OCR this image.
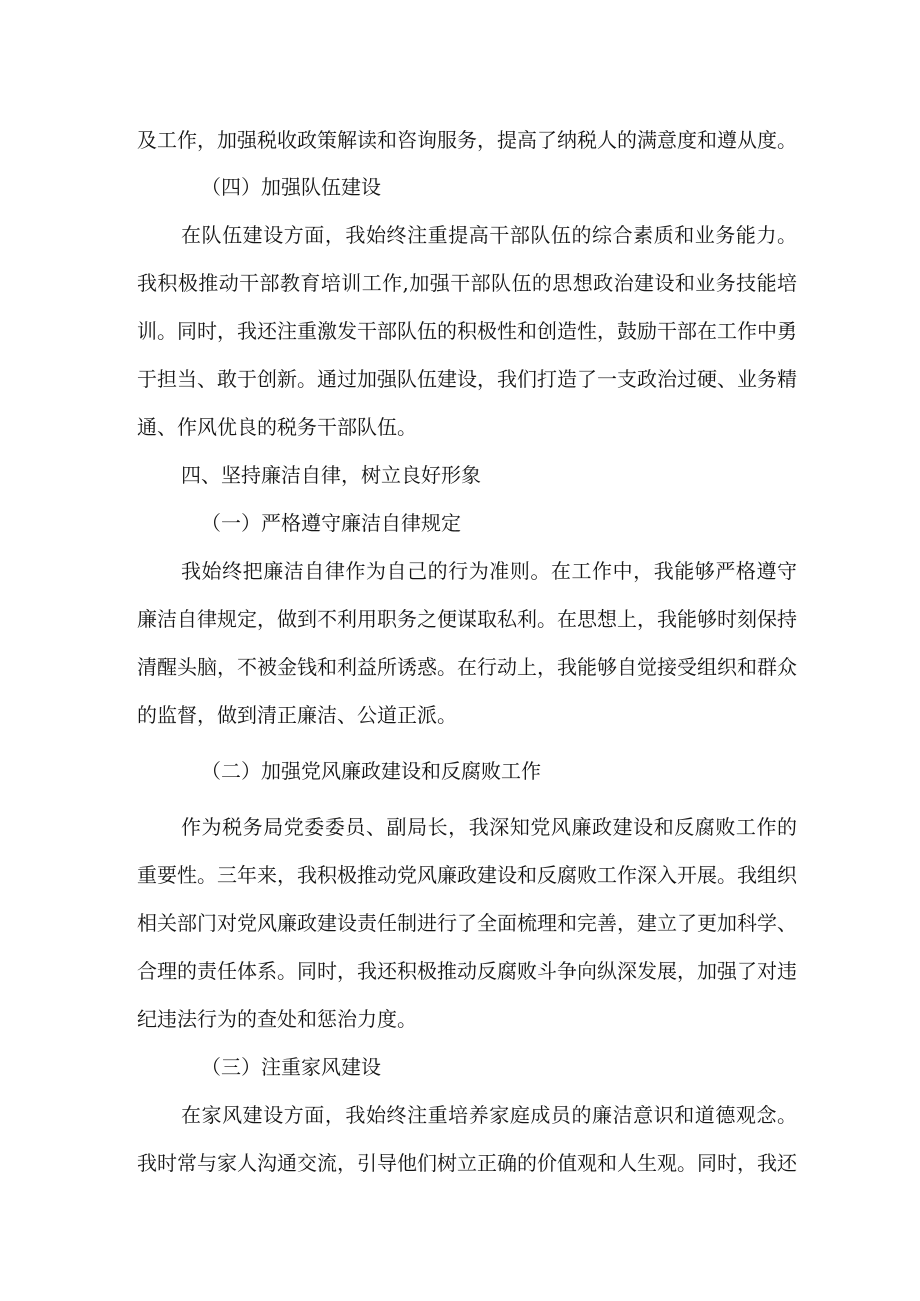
及工作，加强税收政策解读和咨询服务，提高了纳税人的满意度和遵从度。
（四）加强队伍建设
在队伍建设方面，我始终注重提高干部队伍的综合素质和业务能力。
我积极推动干部教育培训工作,加强干部队伍的思想政治建设和业务技能培
训。同时，我还注重激发干部队伍的积极性和创造性，鼓励干部在工作中勇
于担当、敢于创新。通过加强队伍建设，我们打造了一支政治过硬、业务精
通、作风优良的税务干部队伍。
四、坚持廉洁自律，树立良好形象
（一）严格遵守廉洁自律规定
我始终把廉洁自律作为自己的行为准则。在工作中，我能够严格遵守
廉洁自律规定，做到不利用职务之便谋取私利。在思想上，我能够时刻保持
清醒头脑，不被金钱和利益所诱惑。在行动上，我能够自觉接受组织和群众
的监督，做到清正廉洁、公道正派。
（二）加强党风廉政建设和反腐败工作
作为税务局党委委员、副局长，我深知党风廉政建设和反腐败工作的
重要性。三年来，我积极推动党风廉政建设和反腐败工作深入开展。我组织
相关部门对党风廉政建设责任制进行了全面梳理和完善，建立了更加科学、
合理的责任体系。同时，我还积极推动反腐败斗争向纵深发展，加强了对违
纪违法行为的查处和惩治力度。
（三）注重家风建设
在家风建设方面，我始终注重培养家庭成员的廉洁意识和道德观念。
我时常与家人沟通交流，引导他们树立正确的价值观和人生观。同时，我还
